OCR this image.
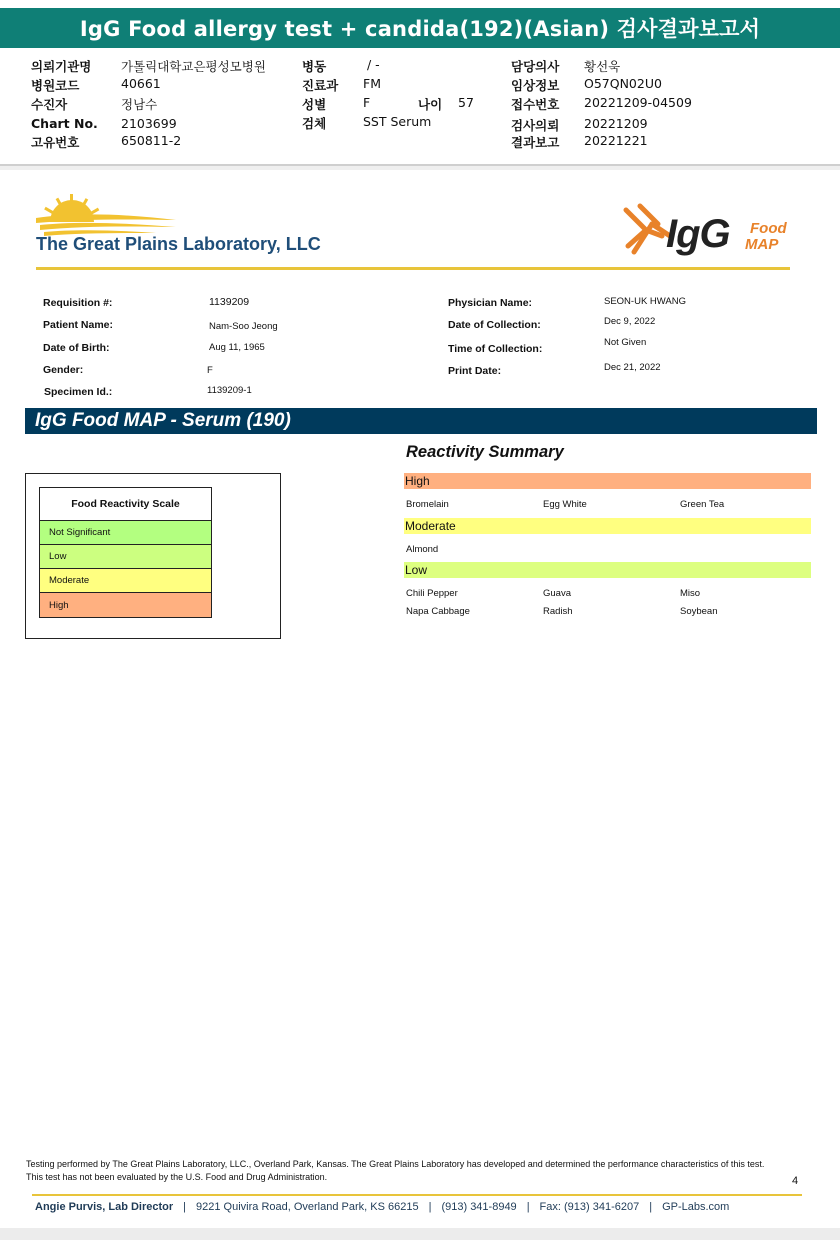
IgG Food allergy test + candida(192)(Asian) 검사결과보고서
의뢰기관명 가톨릭대학교은평성모병원
병원코드	40661
수진자	정남수
Chart No. 2103699
고유번호	650811-2
병동	/ -
진료과 FM
성별	F	나이 57
검체	SST Serum
담당의사 황선욱
임상정보 O57QN02U0
접수번호 20221209-04509
검사의뢰 20221209
결과보고 20221221
The Great Plains Laboratory, LLC	IgG Food
MAP
Requisition #:	1139209
Patient Name:	Nam-Soo Jeong
Date of Birth:	Aug 11, 1965
Gender:	F
Specimen Id.:	1139209-1
Physician Name:	SEON-UK HWANG
Date of Collection:	Dec 9, 2022
Time of Collection:
Not Given
Print Date:	Dec 21, 2022
IgG Food MAP - Serum (190)
Food Reactivity Scale
Not Significant
Low
Moderate
High
Reactivity Summary
High
Bromelain	Egg White	Green Tea
Moderate
Almond
Low
Chili Pepper	Guava	Miso
Napa Cabbage	Radish	Soybean
Testing performed by The Great Plains Laboratory, LLC., Overland Park, Kansas. The Great Plains Laboratory has developed and determined the performance characteristics of this test. This test has not been evaluated by the U.S. Food and Drug Administration.	4
Angie Purvis, Lab Director | 9221 Quivira Road, Overland Park, KS 66215 | (913) 341-8949 | Fax: (913) 341-6207 | GP-Labs.com
